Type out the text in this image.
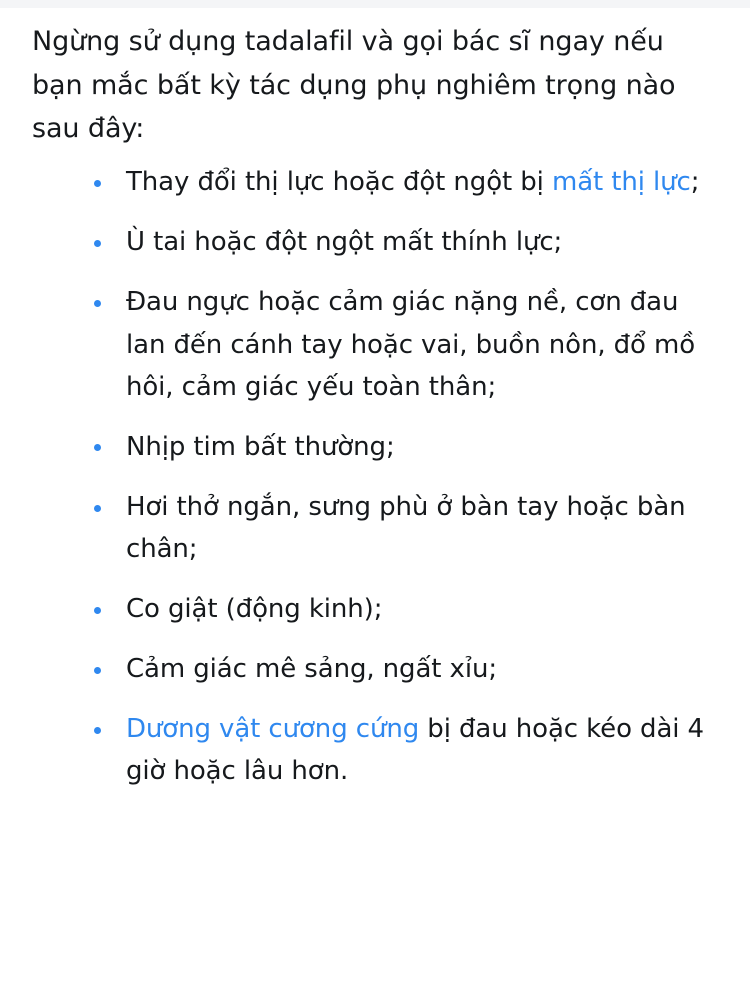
Ngừng sử dụng tadalafil và gọi bác sĩ ngay nếu bạn mắc bất kỳ tác dụng phụ nghiêm trọng nào sau đây:

Thay đổi thị lực hoặc đột ngột bị mất thị lực;
Ù tai hoặc đột ngột mất thính lực;
Đau ngực hoặc cảm giác nặng nề, cơn đau lan đến cánh tay hoặc vai, buồn nôn, đổ mồ hôi, cảm giác yếu toàn thân;
Nhịp tim bất thường;
Hơi thở ngắn, sưng phù ở bàn tay hoặc bàn chân;
Co giật (động kinh);
Cảm giác mê sảng, ngất xỉu;
Dương vật cương cứng bị đau hoặc kéo dài 4 giờ hoặc lâu hơn.
